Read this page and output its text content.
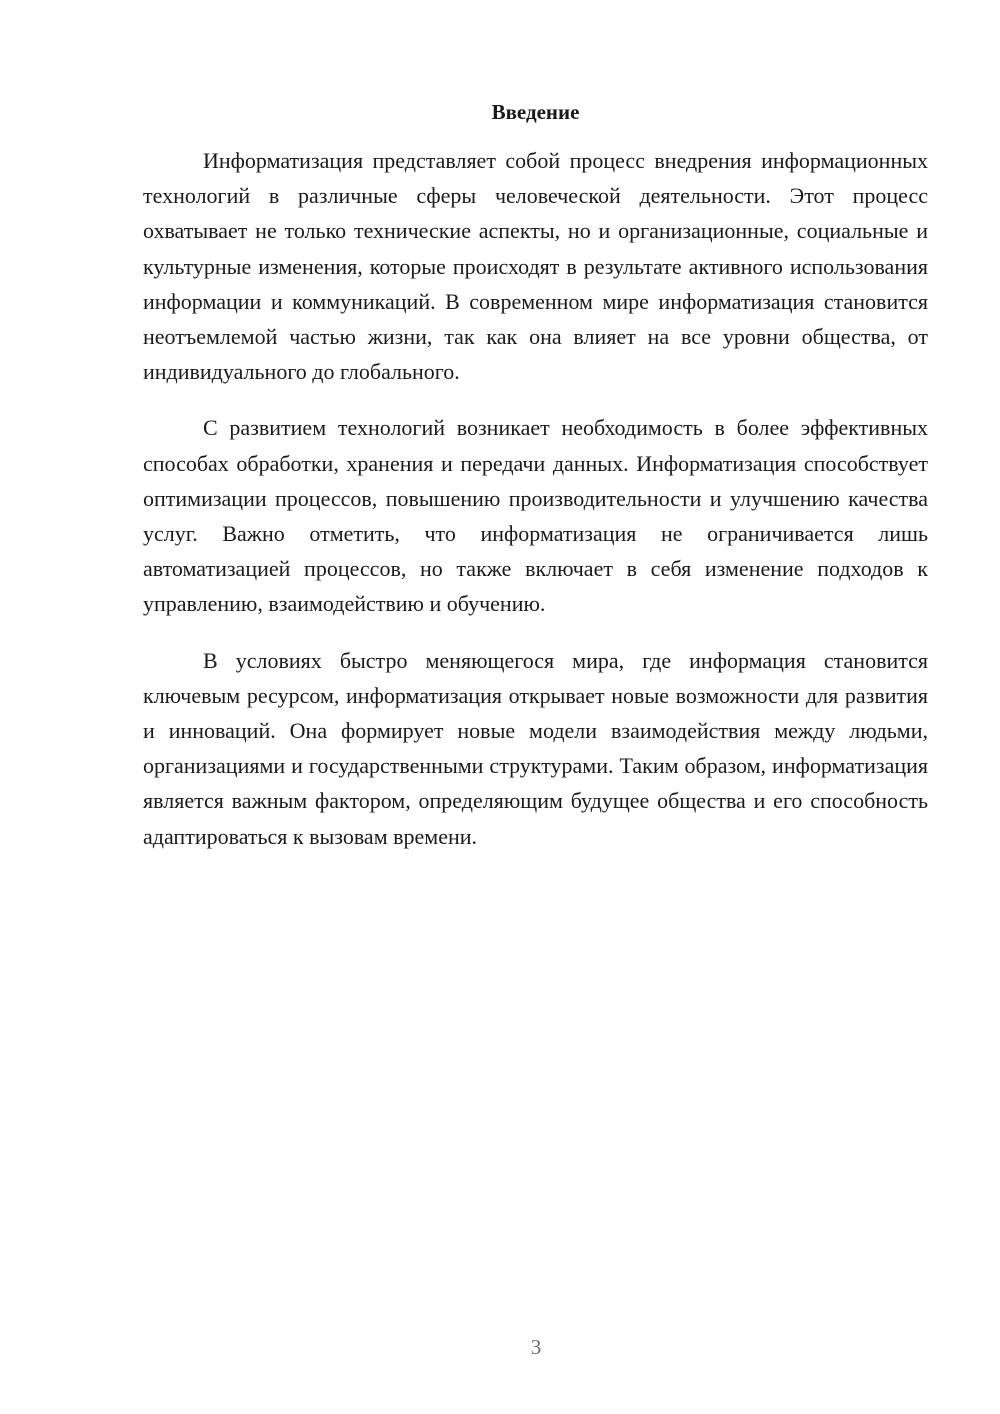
Введение

Информатизация представляет собой процесс внедрения информационных технологий в различные сферы человеческой деятельности. Этот процесс охватывает не только технические аспекты, но и организационные, социальные и культурные изменения, которые происходят в результате активного использования информации и коммуникаций. В современном мире информатизация становится неотъемлемой частью жизни, так как она влияет на все уровни общества, от индивидуального до глобального.

С развитием технологий возникает необходимость в более эффективных способах обработки, хранения и передачи данных. Информатизация способствует оптимизации процессов, повышению производительности и улучшению качества услуг. Важно отметить, что информатизация не ограничивается лишь автоматизацией процессов, но также включает в себя изменение подходов к управлению, взаимодействию и обучению.

В условиях быстро меняющегося мира, где информация становится ключевым ресурсом, информатизация открывает новые возможности для развития и инноваций. Она формирует новые модели взаимодействия между людьми, организациями и государственными структурами. Таким образом, информатизация является важным фактором, определяющим будущее общества и его способность адаптироваться к вызовам времени.

3
